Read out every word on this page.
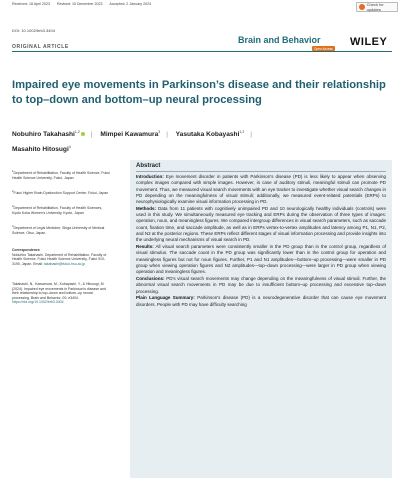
Received: 18 April 2023 Revised: 15 December 2023 Accepted: 2 January 2024	Check for updates
DOI: 10.1002/brb3.3404
ORIGINAL ARTICLE
Brain and Behavior
Open Access
WILEY
Impaired eye movements in Parkinson’s disease and their relationship to top–down and bottom–up neural processing
Nobuhiro Takahashi$^{1,2}$ | Mimpei Kawamura$^3$ | Yasutaka Kobayashi$^{1,2}$ |
Masahito Hitosugi$^4$
$^1$Department of Rehabilitation, Faculty of Health Science, Fukui Health Science University, Fukui, Japan
$^2$Fukui Higher Brain Dysfunction Support Center, Fukui, Japan
$^3$Department of Rehabilitation, Faculty of Health Sciences, Kyoto Koka Women's University, Kyoto, Japan
$^4$Department of Legal Medicine, Shiga University of Medical Science, Otsu, Japan
Correspondence
Nobuhiro Takahashi, Department of Rehabilitation, Faculty of Health Science, Fukui Health Science University, Fukui 910-3190, Japan. Email: takahashi@fukui-hsu.ac.jp
Takahashi, N., Kawamura, M., Kobayashi, Y., & Hitosugi, M. (2024). Impaired eye movements in Parkinson's disease and their relationship to top–down and bottom–up neural processing. Brain and Behavior, 00, e3404. https://doi.org/10.1002/brb3.3404
Abstract

Introduction: Eye movement disorder in patients with Parkinson's disease (PD) is less likely to appear when observing complex images compared with simple images. However, in case of auditory stimuli, meaningful stimuli can promote PD movement. Thus, we measured visual search movements with an eye tracker to investigate whether visual search changes in PD depending on the meaningfulness of visual stimuli; additionally, we measured event-related potentials (ERPs) to neurophysiologically examine visual information processing in PD.

Methods: Data from 11 patients with cognitively unimpaired PD and 10 neurologically healthy individuals (controls) were used in this study. We simultaneously measured eye tracking and ERPs during the observation of three types of images: operation, noun, and meaningless figures. We compared intergroup differences in visual search parameters, such as saccade count, fixation time, and saccade amplitude, as well as in ERPs vertex-to-vertex amplitudes and latency among P1, N1, P2, and N2 at the posterior regions. These ERPs reflect different stages of visual information processing and provide insights into the underlying neural mechanisms of visual search in PD.

Results: All visual search parameters were consistently smaller in the PD group than in the control group, regardless of visual stimulus. The saccade count in the PD group was significantly lower than in the control group for operation and meaningless figures but not for noun figures. Further, P1 and N1 amplitudes—bottom–up processing—were smaller in PD group when viewing operation figures and N2 amplitudes—top–down processing—were larger in PD group when viewing operation and meaningless figures.

Conclusions: PD's visual search movements may change depending on the meaningfulness of visual stimuli. Further, the abnormal visual search movements in PD may be due to insufficient bottom–up processing and excessive top–down processing.

Plain Language Summary: Parkinson's disease (PD) is a neurodegenerative disorder that can cause eye movement disorders. People with PD may have difficulty searching
